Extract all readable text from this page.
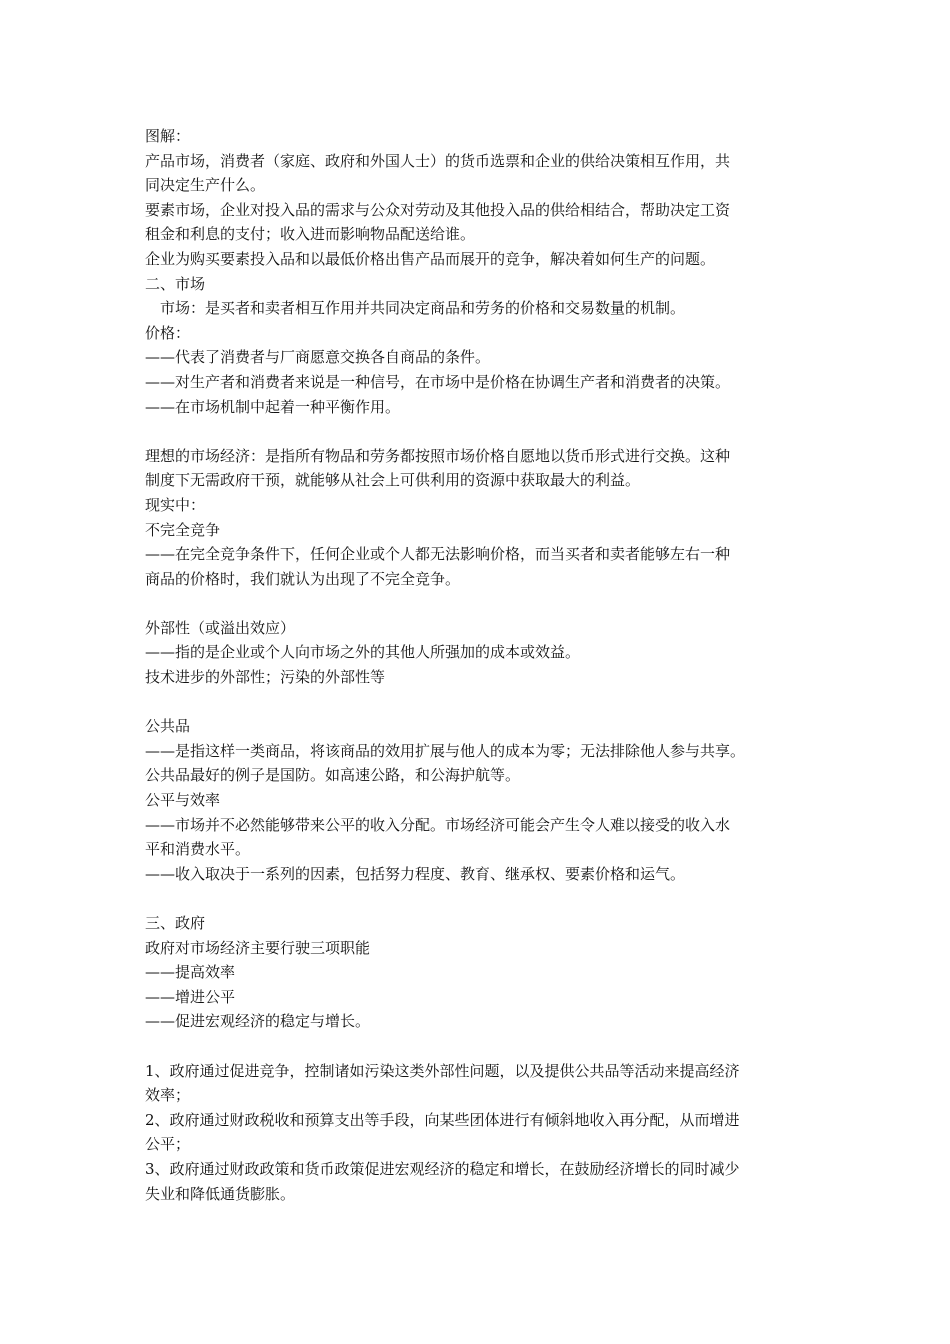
图解：

产品市场，消费者（家庭、政府和外国人士）的货币选票和企业的供给决策相互作用，共

同决定生产什么。

要素市场，企业对投入品的需求与公众对劳动及其他投入品的供给相结合，帮助决定工资

租金和利息的支付；收入进而影响物品配送给谁。

企业为购买要素投入品和以最低价格出售产品而展开的竞争，解决着如何生产的问题。

二、市场

市场：是买者和卖者相互作用并共同决定商品和劳务的价格和交易数量的机制。

价格：

——代表了消费者与厂商愿意交换各自商品的条件。

——对生产者和消费者来说是一种信号，在市场中是价格在协调生产者和消费者的决策。

——在市场机制中起着一种平衡作用。

理想的市场经济：是指所有物品和劳务都按照市场价格自愿地以货币形式进行交换。这种

制度下无需政府干预，就能够从社会上可供利用的资源中获取最大的利益。

现实中：

不完全竞争

——在完全竞争条件下，任何企业或个人都无法影响价格，而当买者和卖者能够左右一种

商品的价格时，我们就认为出现了不完全竞争。

外部性（或溢出效应）

——指的是企业或个人向市场之外的其他人所强加的成本或效益。

技术进步的外部性；污染的外部性等

公共品

——是指这样一类商品，将该商品的效用扩展与他人的成本为零；无法排除他人参与共享。

公共品最好的例子是国防。如高速公路，和公海护航等。

公平与效率

——市场并不必然能够带来公平的收入分配。市场经济可能会产生令人难以接受的收入水

平和消费水平。

——收入取决于一系列的因素，包括努力程度、教育、继承权、要素价格和运气。

三、政府

政府对市场经济主要行驶三项职能

——提高效率

——增进公平

——促进宏观经济的稳定与增长。

1、政府通过促进竞争，控制诸如污染这类外部性问题，以及提供公共品等活动来提高经济

效率；

2、政府通过财政税收和预算支出等手段，向某些团体进行有倾斜地收入再分配，从而增进

公平；

3、政府通过财政政策和货币政策促进宏观经济的稳定和增长，在鼓励经济增长的同时减少

失业和降低通货膨胀。
